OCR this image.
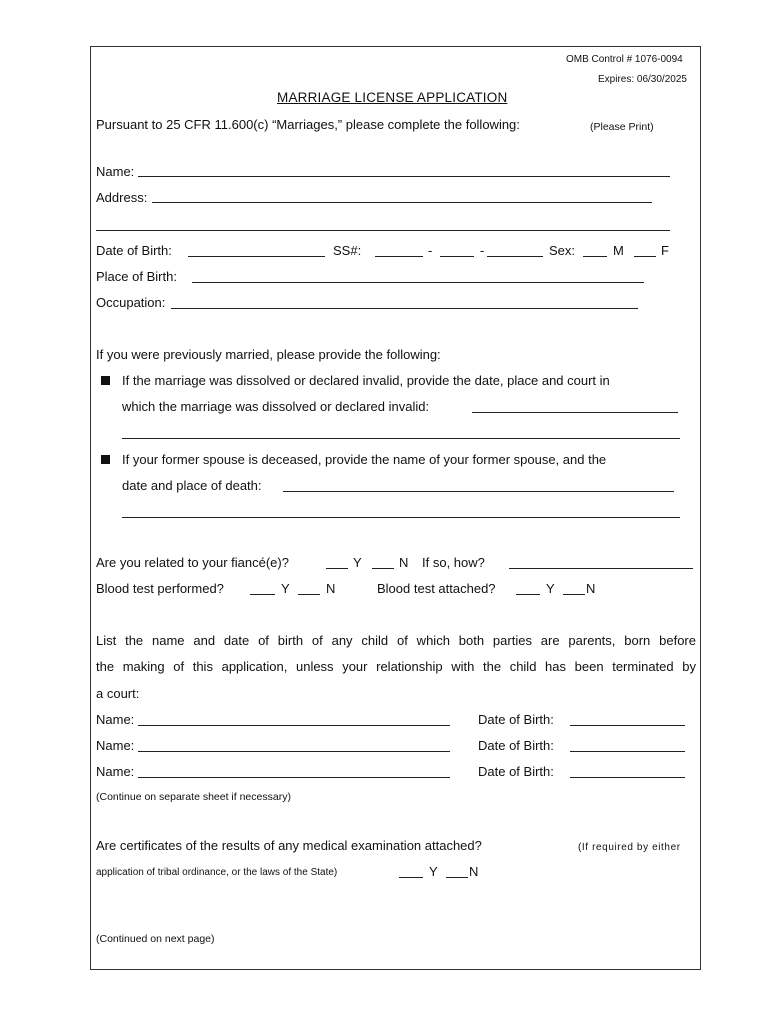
OMB Control # 1076-0094
Expires: 06/30/2025
MARRIAGE LICENSE APPLICATION
Pursuant to 25 CFR 11.600(c) “Marriages,” please complete the following:	(Please Print)
Name:
Address:
Date of Birth:	SS#:	-	-	Sex:	M	F
Place of Birth:
Occupation:
If you were previously married, please provide the following:
If the marriage was dissolved or declared invalid, provide the date, place and court in
which the marriage was dissolved or declared invalid:
If your former spouse is deceased, provide the name of your former spouse, and the
date and place of death:
Are you related to your fiancé(e)?	Y	N If so, how?
Blood test performed?	Y	N	Blood test attached?	Y N
List the name and date of birth of any child of which both parties are parents, born before
the making of this application, unless your relationship with the child has been terminated by
a court:
Name:	Date of Birth:
Name:	Date of Birth:
Name:	Date of Birth:
(Continue on separate sheet if necessary)
Are certificates of the results of any medical examination attached?	(If required by either
application of tribal ordinance, or the laws of the State)	Y N
(Continued on next page)
